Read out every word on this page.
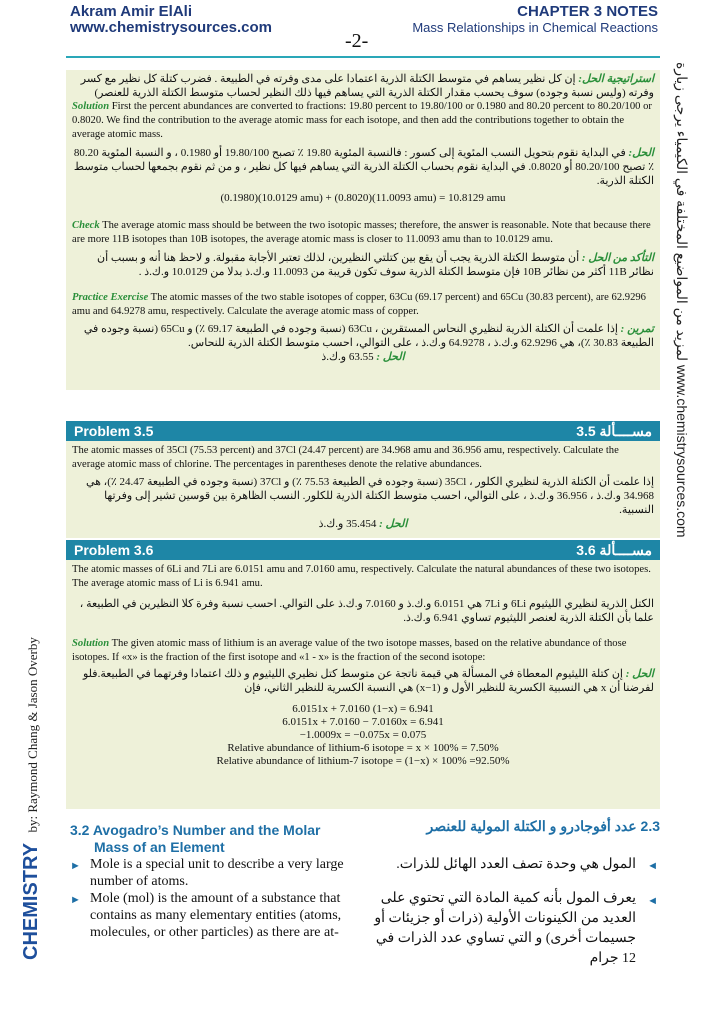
Akram Amir ElAli
www.chemistrysources.com
-2-
CHAPTER 3 NOTES
Mass Relationships in Chemical Reactions
لمزيد من المواضيع المختلفة في الكيمياء يرجى زيارة www.chemistrysources.com
CHEMISTRY by: Raymond Chang & Jason Overby
استراتيجية الحل: إن كل نظير يساهم في متوسط الكتلة الذرية اعتمادا على مدى وفرته في الطبيعة . فضرب كتلة كل نظير مع كسر وفرته (وليس نسبة وجوده) سوف يحسب مقدار الكتلة الذرية التي يساهم فيها ذلك النظير لحساب متوسط الكتلة الذرية للعنصر)
Solution First the percent abundances are converted to fractions: 19.80 percent to 19.80/100 or 0.1980 and 80.20 percent to 80.20/100 or 0.8020. We find the contribution to the average atomic mass for each isotope, and then add the contributions together to obtain the average atomic mass.
الحل: في البداية نقوم بتحويل النسب المئوية إلى كسور : فالنسبة المئوية 19.80 ٪ تصبح 19.80/100 أو 0.1980 ، و النسبة المئوية 80.20 ٪ تصبح 80.20/100 أو 0.8020. في البداية نقوم بحساب الكتلة الذرية التي يساهم فيها كل نظير ، و من ثم نقوم بجمعها لحساب متوسط الكتلة الذرية.
(0.1980)(10.0129 amu) + (0.8020)(11.0093 amu) = 10.8129 amu
Check The average atomic mass should be between the two isotopic masses; therefore, the answer is reasonable. Note that because there are more 11B isotopes than 10B isotopes, the average atomic mass is closer to 11.0093 amu than to 10.0129 amu.
التأكد من الحل : أن متوسط الكتلة الذرية يجب أن يقع بين كتلتي النظيرين، لذلك تعتبر الأجابة مقبولة. و لاحظ هنا أنه و بسبب أن نظائر 11B أكثر من نظائر 10B فإن متوسط الكتلة الذرية سوف تكون قريبة من 11.0093 و.ك.ذ بدلا من 10.0129 و.ك.ذ .
Practice Exercise The atomic masses of the two stable isotopes of copper, 63Cu (69.17 percent) and 65Cu (30.83 percent), are 62.9296 amu and 64.9278 amu, respectively. Calculate the average atomic mass of copper.
تمرين : إذا علمت أن الكتلة الذرية لنظيري النحاس المستقرين ، 63Cu (نسبة وجوده في الطبيعة 69.17 ٪) و 65Cu (نسبة وجوده في الطبيعة 30.83 ٪)، هي 62.9296 و.ك.ذ ، 64.9278 و.ك.ذ ، على التوالي، احسب متوسط الكتلة الذرية للنحاس.
الحل : 63.55 و.ك.ذ
Problem 3.5	مســــألة 3.5
The atomic masses of 35Cl (75.53 percent) and 37Cl (24.47 percent) are 34.968 amu and 36.956 amu, respectively. Calculate the average atomic mass of chlorine. The percentages in parentheses denote the relative abundances.
إذا علمت أن الكتلة الذرية لنظيري الكلور ، 35Cl (نسبة وجوده في الطبيعة 75.53 ٪) و 37Cl (نسبة وجوده في الطبيعة 24.47 ٪)، هي 34.968 و.ك.ذ ، 36.956 و.ك.ذ ، على التوالي، احسب متوسط الكتلة الذرية للكلور. النسب الظاهرة بين قوسين تشير إلى وفرتها النسبية.
الحل : 35.454 و.ك.ذ
Problem 3.6	مســــألة 3.6
The atomic masses of 6Li and 7Li are 6.0151 amu and 7.0160 amu, respectively. Calculate the natural abundances of these two isotopes. The average atomic mass of Li is 6.941 amu.
الكتل الذرية لنظيري الليثيوم 6Li و 7Li هي 6.0151 و.ك.ذ و 7.0160 و.ك.ذ على التوالي. احسب نسبة وفرة كلا النظيرين في الطبيعة ، علما بأن الكتلة الذرية لعنصر الليثيوم تساوي 6.941 و.ك.ذ.
Solution The given atomic mass of lithium is an average value of the two isotope masses, based on the relative abundance of those isotopes. If «x» is the fraction of the first isotope and «1 - x» is the fraction of the second isotope:
الحل : إن كتلة الليثيوم المعطاة في المسألة هي قيمة ناتجة عن متوسط كتل نظيري الليثيوم و ذلك اعتمادا وفرتهما في الطبيعة.فلو لفرضنا أن x هي النسبية الكسرية للنظير الأول و (1−x) هي النسبة الكسرية للنظير الثاني، فإن
6.0151x + 7.0160 (1−x) = 6.941
6.0151x + 7.0160 − 7.0160x = 6.941
−1.0009x = −0.075x = 0.075
Relative abundance of lithium-6 isotope = x × 100% = 7.50%
Relative abundance of lithium-7 isotope = (1−x) × 100% =92.50%
3.2 Avogadro’s Number and the Molar
Mass of an Element
2.3 عدد أفوجادرو و الكتلة المولية للعنصر
► Mole is a special unit to describe a very large number of atoms.
► Mole (mol) is the amount of a substance that contains as many elementary entities (atoms, molecules, or other particles) as there are at-
◄
المول هي وحدة تصف العدد الهائل للذرات.
◄
يعرف المول بأنه كمية المادة التي تحتوي على العديد من الكينونات الأولية (ذرات أو جزيئات أو جسيمات أخرى) و التي تساوي عدد الذرات في 12 جرام
